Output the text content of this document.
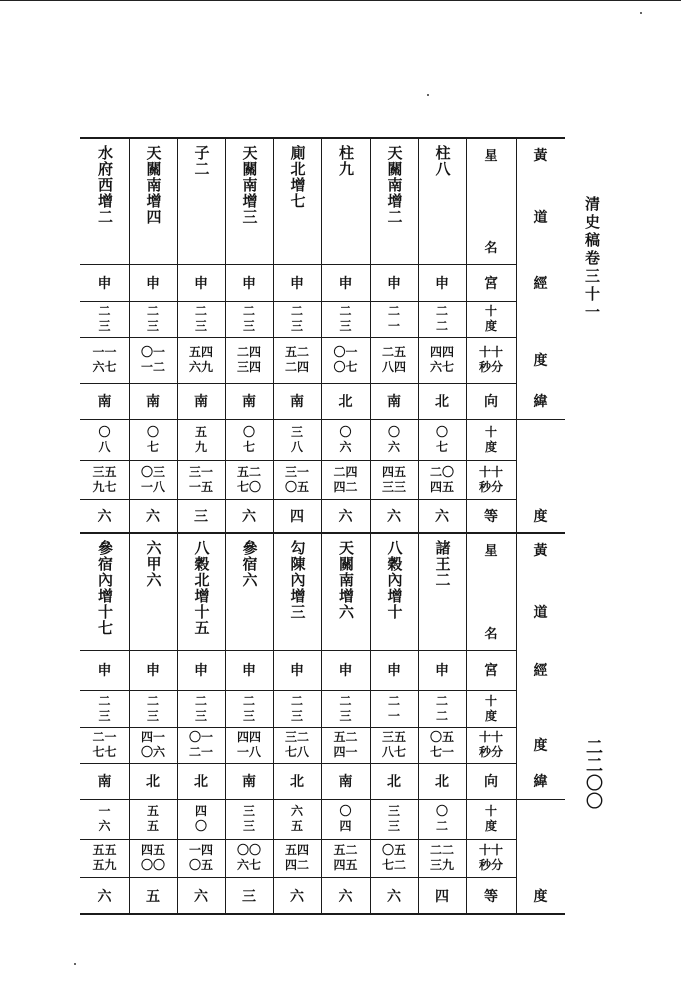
清史稿卷三十一
二二〇〇
柱八
申
二
二
四四
六七
北
〇
七
二〇
四五
六
天關南增二
申
二
一
二五
八四
南
〇
六
四五
三三
六
柱九
申
二
三
〇一
〇七
北
〇
六
二四
四二
六
廁北增七
申
二
三
五二
二四
南
三
八
三一
〇五
四
天關南增三
申
二
三
二四
三四
南
〇
七
五二
七〇
六
子二
申
二
三
五四
六九
南
五
九
三一
一五
三
天關南增四
申
二
三
〇一
一二
南
〇
七
〇三
一八
六
水府西增二
申
二
三
一一
六七
南
〇
八
三五
九七
六
星
名
宮
十
度
十十
秒分
向
十
度
十十
秒分
等
黃
道
經
度
緯
度
諸王二
申
二
二
〇五
七一
北
〇
二
二二
三九
四
八穀內增十
申
二
一
三五
八七
北
三
三
〇五
七二
六
天關南增六
申
二
三
五二
四一
南
〇
四
五二
四五
六
勾陳內增三
申
二
三
三二
七八
北
六
五
五四
四二
六
參宿六
申
二
三
四四
一八
南
三
三
〇〇
六七
三
八穀北增十五
申
二
三
〇一
二一
北
四
〇
一四
〇五
六
六甲六
申
二
三
四一
〇六
北
五
五
四五
〇〇
五
參宿內增十七
申
二
三
二一
七七
南
一
六
五五
五九
六
星
名
宮
十
度
十十
秒分
向
十
度
十十
秒分
等
黃
道
經
度
緯
度
